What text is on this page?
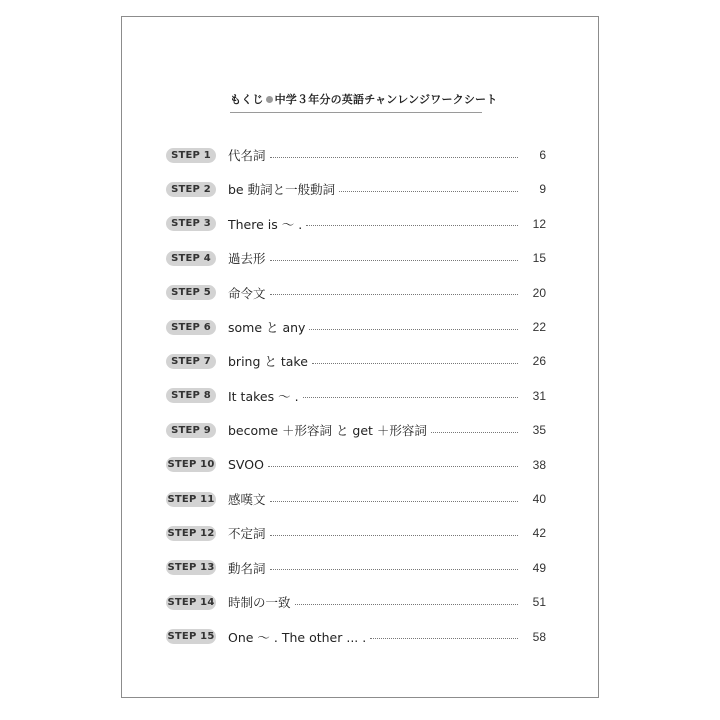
もくじ 中学３年分の英語チャンレンジワークシート
STEP 1	代名詞	6
STEP 2	be 動詞と一般動詞	9
STEP 3	There is ～ .	12
STEP 4	過去形	15
STEP 5	命令文	20
STEP 6	some と any	22
STEP 7	bring と take	26
STEP 8	It takes ～ .	31
STEP 9	become ＋形容詞 と get ＋形容詞	35
STEP 10 SVOO	38
STEP 11 感嘆文	40
STEP 12 不定詞	42
STEP 13 動名詞	49
STEP 14 時制の一致	51
STEP 15 One ～ . The other ... .	58
